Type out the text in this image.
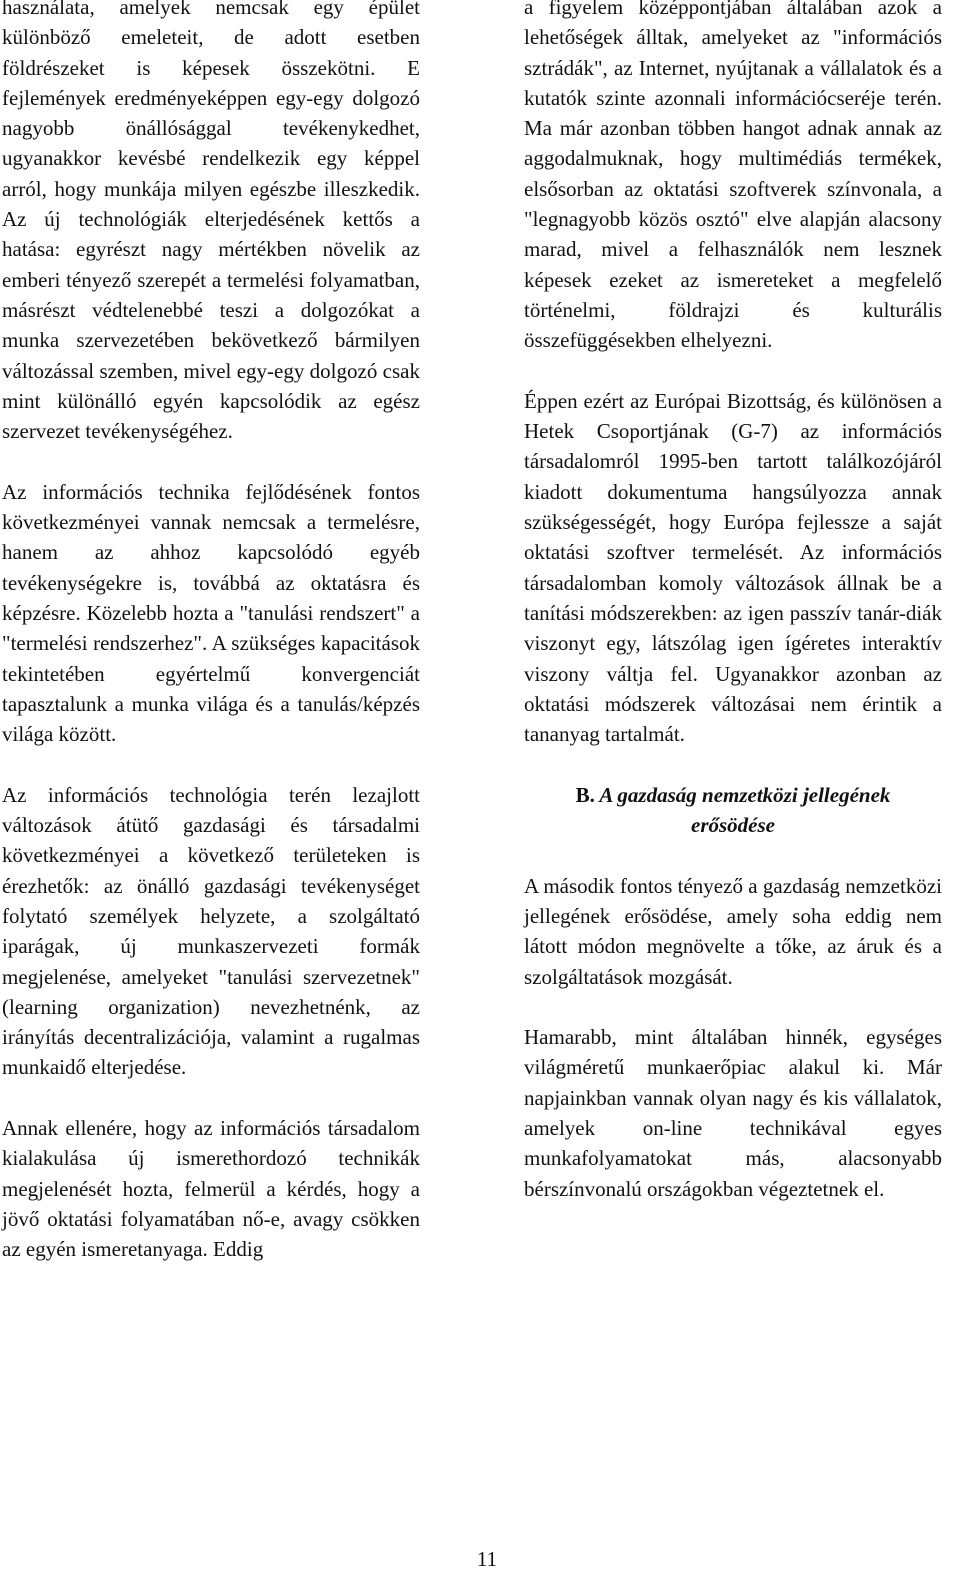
használata, amelyek nemcsak egy épület különböző emeleteit, de adott esetben földrészeket is képesek összekötni. E fejlemények eredményeképpen egy-egy dolgozó nagyobb önállósággal tevékenykedhet, ugyanakkor kevésbé rendelkezik egy képpel arról, hogy munkája milyen egészbe illeszkedik. Az új technológiák elterjedésének kettős a hatása: egyrészt nagy mértékben növelik az emberi tényező szerepét a termelési folyamatban, másrészt védtelenebbé teszi a dolgozókat a munka szervezetében bekövetkező bármilyen változással szemben, mivel egy-egy dolgozó csak mint különálló egyén kapcsolódik az egész szervezet tevékenységéhez.

Az információs technika fejlődésének fontos következményei vannak nemcsak a termelésre, hanem az ahhoz kapcsolódó egyéb tevékenységekre is, továbbá az oktatásra és képzésre. Közelebb hozta a "tanulási rendszert" a "termelési rendszerhez". A szükséges kapacitások tekintetében egyértelmű konvergenciát tapasztalunk a munka világa és a tanulás/képzés világa között.

Az információs technológia terén lezajlott változások átütő gazdasági és társadalmi következményei a következő területeken is érezhetők: az önálló gazdasági tevékenységet folytató személyek helyzete, a szolgáltató iparágak, új munkaszervezeti formák megjelenése, amelyeket "tanulási szervezetnek" (learning organization) nevezhetnénk, az irányítás decentralizációja, valamint a rugalmas munkaidő elterjedése.

Annak ellenére, hogy az információs társadalom kialakulása új ismerethordozó technikák megjelenését hozta, felmerül a kérdés, hogy a jövő oktatási folyamatában nő-e, avagy csökken az egyén ismeretanyaga. Eddig

a figyelem középpontjában általában azok a lehetőségek álltak, amelyeket az "információs sztrádák", az Internet, nyújtanak a vállalatok és a kutatók szinte azonnali információcseréje terén. Ma már azonban többen hangot adnak annak az aggodalmuknak, hogy multimédiás termékek, elsősorban az oktatási szoftverek színvonala, a "legnagyobb közös osztó" elve alapján alacsony marad, mivel a felhasználók nem lesznek képesek ezeket az ismereteket a megfelelő történelmi, földrajzi és kulturális összefüggésekben elhelyezni.

Éppen ezért az Európai Bizottság, és különösen a Hetek Csoportjának (G-7) az információs társadalomról 1995-ben tartott találkozójáról kiadott dokumentuma hangsúlyozza annak szükségességét, hogy Európa fejlessze a saját oktatási szoftver termelését. Az információs társadalomban komoly változások állnak be a tanítási módszerekben: az igen passzív tanár-diák viszonyt egy, látszólag igen ígéretes interaktív viszony váltja fel. Ugyanakkor azonban az oktatási módszerek változásai nem érintik a tananyag tartalmát.

B. A gazdaság nemzetközi jellegének erősödése

A második fontos tényező a gazdaság nemzetközi jellegének erősödése, amely soha eddig nem látott módon megnövelte a tőke, az áruk és a szolgáltatások mozgását.

Hamarabb, mint általában hinnék, egységes világméretű munkaerőpiac alakul ki. Már napjainkban vannak olyan nagy és kis vállalatok, amelyek on-line technikával egyes munkafolyamatokat más, alacsonyabb bérszínvonalú országokban végeztetnek el.

11
